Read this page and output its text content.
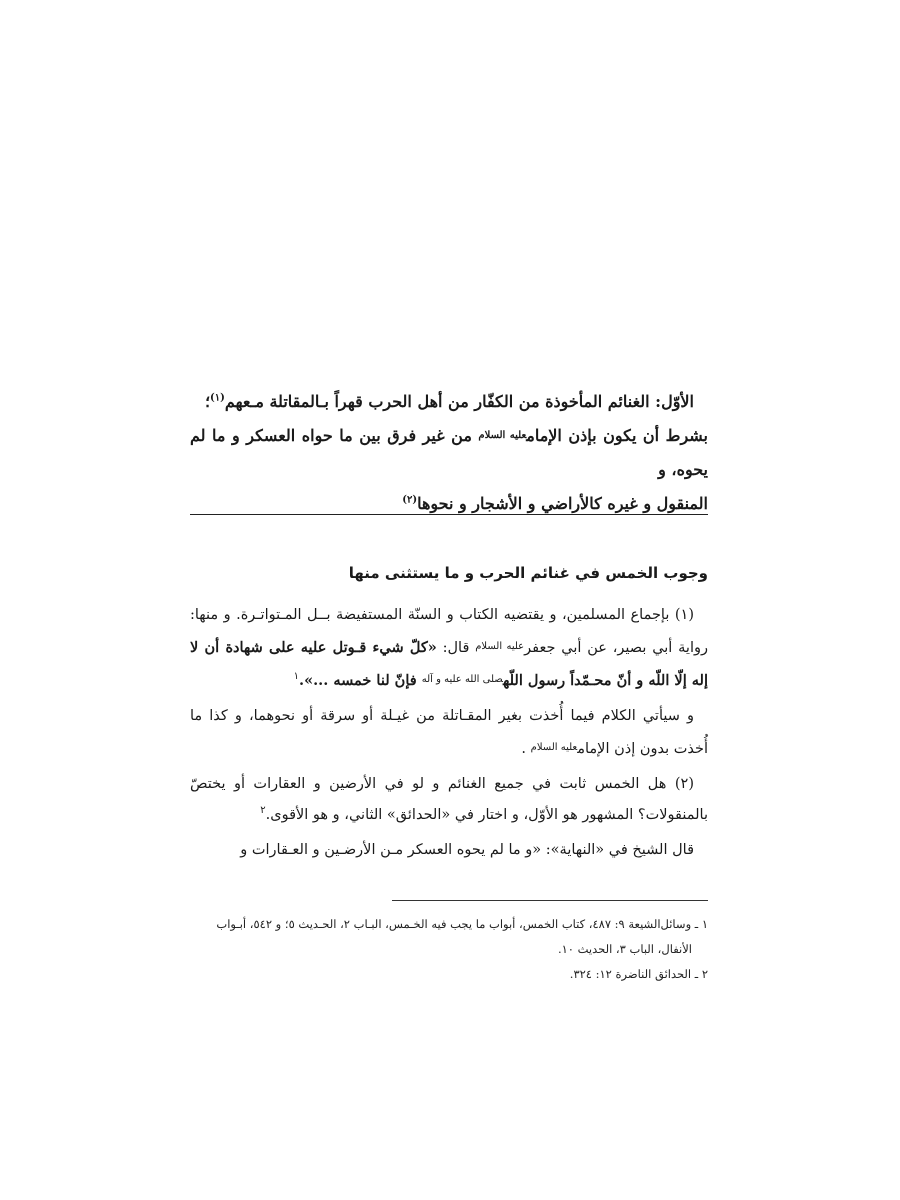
الأوّل: الغنائم المأخوذة من الكفّار من أهل الحرب قهراً بـالمقاتلة مـعهم$^{(١)}$؛

بشرط أن يكون بإذن الإمامعليه السلام من غير فرق بين ما حواه العسكر و ما لم يحوه، و

المنقول و غيره كالأراضي و الأشجار و نحوها$^{(٢)}$

وجوب الخمس في غنائم الحرب و ما يستثنى منها

(١) بإجماع المسلمين، و يقتضيه الكتاب و السنّة المستفيضة بــل المـتواتـرة. و منها: رواية أبي بصير، عن أبي جعفر$^{عليه السلام}$ قال: «كلّ شيء قـوتل عليه على شهادة أن لا إله إلّا اللّه و أنّ محـمّداً رسول اللّه$^{صلى الله عليه و آله}$ فإنّ لنا خمسه ...».$^١$

و سيأتي الكلام فيما أُخذت بغير المقـاتلة من غيـلة أو سرقة أو نحوهما، و كذا ما أُخذت بدون إذن الإمام$^{عليه السلام}$ .

(٢) هل الخمس ثابت في جميع الغنائم و لو في الأرضين و العقارات أو يختصّ بالمنقولات؟ المشهور هو الأوّل، و اختار في «الحدائق» الثاني، و هو الأقوى.$^٢$

قال الشيخ في «النهاية»: «و ما لم يحوه العسكر مـن الأرضـين و العـقارات و

١ ـ وسائل‌الشيعة ٩: ٤٨٧، كتاب الخمس، أبواب ما يجب فيه الخـمس، البـاب ٢، الحـديث ٥؛ و ٥٤٢، أبـواب

الأنفال، الباب ٣، الحديث ١٠.

٢ ـ الحدائق الناضرة ١٢: ٣٢٤.
